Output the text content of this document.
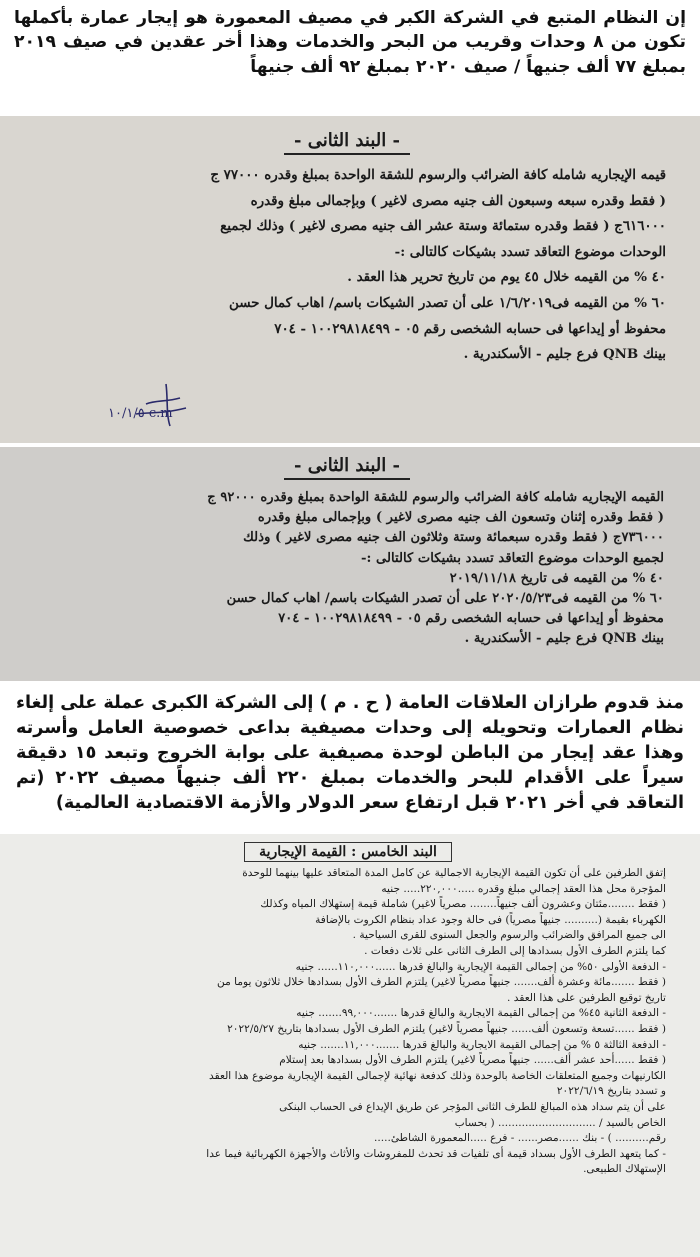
إن النظام المتبع في الشركة الكبر في مصيف المعمورة هو إيجار عمارة بأكملها تكون من ٨ وحدات وقريب من البحر والخدمات وهذا أخر عقدين في صيف ٢٠١٩ بمبلغ ٧٧ ألف جنيهاً / صيف ٢٠٢٠ بمبلغ ٩٢ ألف جنيهاً

- البند الثانى -
قيمه الإيجاريه شامله كافة الضرائب والرسوم للشقة الواحدة بمبلغ وقدره ٧٧٠٠٠ ج
( فقط وقدره سبعه وسبعون الف جنيه مصرى لاغير ) وبإجمالى مبلغ وقدره
٦١٦٠٠٠ج ( فقط وقدره ستمائة وستة عشر الف جنيه مصرى لاغير ) وذلك لجميع
الوحدات موضوع التعاقد تسدد بشيكات كالتالى :-
٤٠ % من القيمه خلال ٤٥ يوم من تاريخ تحرير هذا العقد .
٦٠ % من القيمه فى١/٦/٢٠١٩ على أن تصدر الشيكات باسم/ اهاب كمال حسن
محفوظ أو إيداعها فى حسابه الشخصى رقم ٠٥ - ١٠٠٢٩٨١٨٤٩٩ - ٧٠٤
بينك QNB فرع جليم - الأسكندرية .
c.m ١٠/١/٥
- البند الثانى -
القيمه الإيجاريه شامله كافة الضرائب والرسوم للشقة الواحدة بمبلغ وقدره ٩٢٠٠٠ ج
( فقط وقدره إثنان وتسعون الف جنيه مصرى لاغير ) وبإجمالى مبلغ وقدره
٧٣٦٠٠٠ج ( فقط وقدره سبعمائة وستة وثلاثون الف جنيه مصرى لاغير ) وذلك
لجميع الوحدات موضوع التعاقد تسدد بشيكات كالتالى :-
٤٠ % من القيمه فى تاريخ ٢٠١٩/١١/١٨
٦٠ % من القيمه فى٢٠٢٠/٥/٢٣ على أن تصدر الشيكات باسم/ اهاب كمال حسن
محفوظ أو إيداعها فى حسابه الشخصى رقم ٠٥ - ١٠٠٢٩٨١٨٤٩٩ - ٧٠٤
بينك QNB فرع جليم - الأسكندرية .

منذ قدوم طرازان العلاقات العامة ( ح . م ) إلى الشركة الكبرى عملة على إلغاء نظام العمارات وتحويله إلى وحدات مصيفية بداعى خصوصية العامل وأسرته وهذا عقد إيجار من الباطن لوحدة مصيفية على بوابة الخروج وتبعد ١٥ دقيقة سيراً على الأقدام للبحر والخدمات بمبلغ ٢٢٠ ألف جنيهاً مصيف ٢٠٢٢ (تم التعاقد في أخر ٢٠٢١ قبل ارتفاع سعر الدولار والأزمة الاقتصادية العالمية)

البند الخامس : القيمة الإيجارية
إتفق الطرفين على أن تكون القيمة الإيجارية الاجمالية عن كامل المدة المتعاقد عليها بينهما للوحدة
المؤجرة محل هذا العقد إجمالي مبلغ وقدره .....٢٢٠,٠٠٠..... جنيه
( فقط ........مئتان وعشرون ألف جنيهاً........ مصرياً لاغير) شاملة قيمة إستهلاك المياه وكذلك
الكهرباء بقيمة (.......... جنيهاً مصرياً) فى حالة وجود عداد بنظام الكروت بالإضافة
الى جميع المرافق والضرائب والرسوم والجعل السنوى للقرى السياحية .
كما يلتزم الطرف الأول بسدادها إلى الطرف الثانى على ثلاث دفعات .
- الدفعة الأولى ٥٠% من إجمالى القيمة الإيجارية والبالغ قدرها ......١١٠,٠٠٠...... جنيه
( فقط .......مائة وعشرة ألف....... جنيهاً مصرياً لاغير) يلتزم الطرف الأول بسدادها خلال ثلاثون يوما من
تاريخ توقيع الطرفين على هذا العقد .
- الدفعة الثانية ٤٥% من إجمالى القيمة الايجارية والبالغ قدرها .......٩٩,٠٠٠....... جنيه
( فقط ......تسعة وتسعون ألف...... جنيهاً مصرياً لاغير) يلتزم الطرف الأول بسدادها بتاريخ ٢٠٢٢/٥/٢٧
- الدفعة الثالثة ٥ % من إجمالى القيمة الايجارية والبالغ قدرها .......١١,٠٠٠....... جنيه
( فقط ......أحد عشر ألف...... جنيهاً مصرياً لاغير) يلتزم الطرف الأول بسدادها بعد إستلام
الكارنيهات وجميع المتعلقات الخاصة بالوحدة وذلك كدفعة نهائية لإجمالى القيمة الإيجارية موضوع هذا العقد
و تسدد بتاريخ ٢٠٢٢/٦/١٩
على أن يتم سداد هذه المبالغ للطرف الثانى المؤجر عن طريق الإيداع فى الحساب البنكى
الخاص بالسيد / ............................. ( بحساب
رقم.......... ) - بنك ......مصر...... - فرع .....المعمورة الشاطئ.....
- كما يتعهد الطرف الأول بسداد قيمة أى تلفيات قد تحدث للمفروشات والأثاث والأجهزة الكهربائية فيما عدا
الإستهلاك الطبيعى.
